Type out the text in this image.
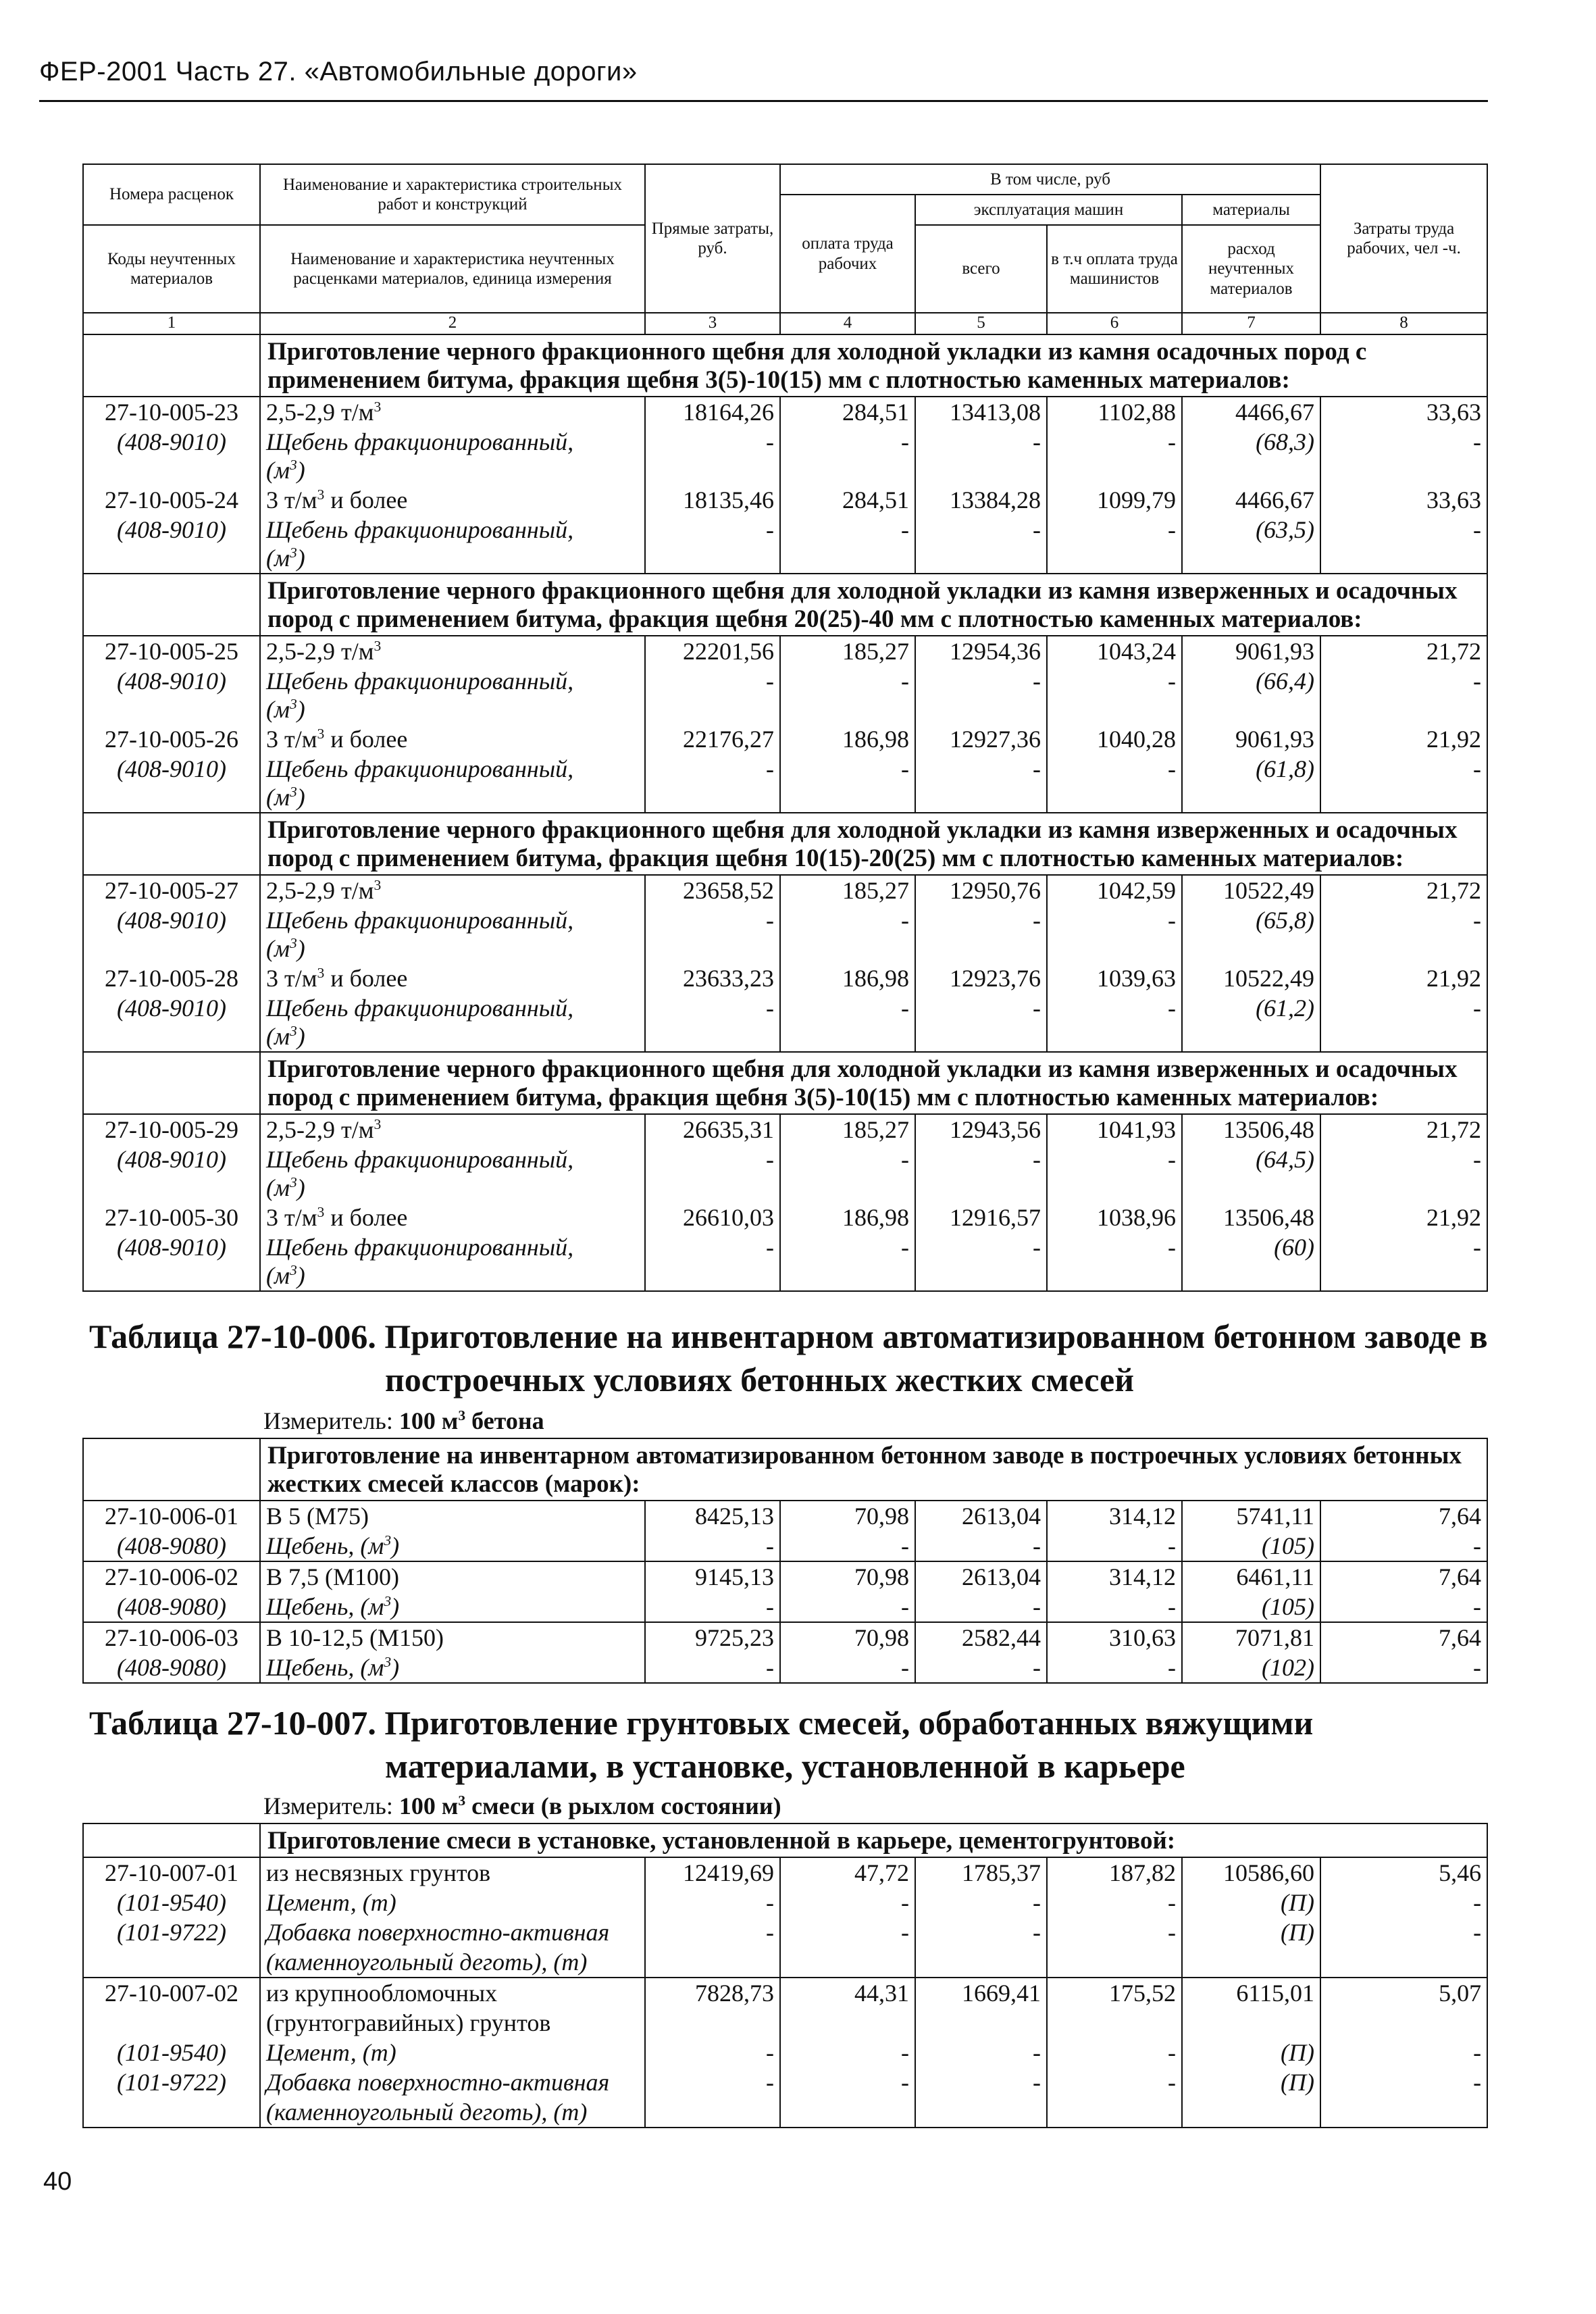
ФЕР-2001 Часть 27. «Автомобильные дороги»
Номера расценок	Наименование и характеристика строительных работ и конструкций	Прямые затраты, руб.	В том числе, руб				Затраты труда рабочих, чел -ч.
			оплата труда рабочих	эксплуатация машин		материалы	
Коды неучтенных материалов	Наименование и характеристика неучтенных расценками материалов, единица измерения			всего	в т.ч оплата труда машинистов	расход неучтенных материалов	

1	2	3	4	5	6	7	8
	Приготовление черного фракционного щебня для холодной укладки из камня осадочных пород с применением битума, фракция щебня 3(5)-10(15) мм с плотностью каменных материалов:						
27-10-005-23	2,5-2,9 $т/м^3$	18164,26	284,51	13413,08	1102,88	4466,67	33,63
(408-9010)	Щебень фракционированный,	-	-	-	-	(68,3)	-
	$(м^3)$						
27-10-005-24	3 $т/м^3$ и более	18135,46	284,51	13384,28	1099,79	4466,67	33,63
(408-9010)	Щебень фракционированный,	-	-	-	-	(63,5)	-
	$(м^3)$						
	Приготовление черного фракционного щебня для холодной укладки из камня изверженных и осадочных пород с применением битума, фракция щебня 20(25)-40 мм с плотностью каменных материалов:						
27-10-005-25	2,5-2,9 $т/м^3$	22201,56	185,27	12954,36	1043,24	9061,93	21,72
(408-9010)	Щебень фракционированный,	-	-	-	-	(66,4)	-
	$(м^3)$						
27-10-005-26	3 $т/м^3$ и более	22176,27	186,98	12927,36	1040,28	9061,93	21,92
(408-9010)	Щебень фракционированный,	-	-	-	-	(61,8)	-
	$(м^3)$						
	Приготовление черного фракционного щебня для холодной укладки из камня изверженных и осадочных пород с применением битума, фракция щебня 10(15)-20(25) мм с плотностью каменных материалов:						
27-10-005-27	2,5-2,9 $т/м^3$	23658,52	185,27	12950,76	1042,59	10522,49	21,72
(408-9010)	Щебень фракционированный,	-	-	-	-	(65,8)	-
	$(м^3)$						
27-10-005-28	3 $т/м^3$ и более	23633,23	186,98	12923,76	1039,63	10522,49	21,92
(408-9010)	Щебень фракционированный,	-	-	-	-	(61,2)	-
	$(м^3)$						
	Приготовление черного фракционного щебня для холодной укладки из камня изверженных и осадочных пород с применением битума, фракция щебня 3(5)-10(15) мм с плотностью каменных материалов:						
27-10-005-29	2,5-2,9 $т/м^3$	26635,31	185,27	12943,56	1041,93	13506,48	21,72
(408-9010)	Щебень фракционированный,	-	-	-	-	(64,5)	-
	$(м^3)$						
27-10-005-30	3 $т/м^3$ и более	26610,03	186,98	12916,57	1038,96	13506,48	21,92
(408-9010)	Щебень фракционированный,	-	-	-	-	(60)	-
	$(м^3)$						
Таблица 27-10-006. Приготовление на инвентарном автоматизированном бетонном заводе в
построечных условиях бетонных жестких смесей
Измеритель: 100 $м^3$ бетона
	Приготовление на инвентарном автоматизированном бетонном заводе в построечных условиях бетонных жестких смесей классов (марок):						
27-10-006-01	В 5 (М75)	8425,13	70,98	2613,04	314,12	5741,11	7,64
(408-9080)	Щебень, $(м^3)$	-	-	-	-	(105)	-
27-10-006-02	В 7,5 (М100)	9145,13	70,98	2613,04	314,12	6461,11	7,64
(408-9080)	Щебень, $(м^3)$	-	-	-	-	(105)	-
27-10-006-03	В 10-12,5 (М150)	9725,23	70,98	2582,44	310,63	7071,81	7,64
(408-9080)	Щебень, $(м^3)$	-	-	-	-	(102)	-
Таблица 27-10-007. Приготовление грунтовых смесей, обработанных вяжущими
материалами, в установке, установленной в карьере
Измеритель: 100 $м^3$ смеси (в рыхлом состоянии)
	Приготовление смеси в установке, установленной в карьере, цементогрунтовой:						
27-10-007-01	из несвязных грунтов	12419,69	47,72	1785,37	187,82	10586,60	5,46
(101-9540)	Цемент, (т)	-	-	-	-	(П)	-
(101-9722)	Добавка поверхностно-активная	-	-	-	-	(П)	-
	(каменноугольный деготь), (т)						
27-10-007-02	из крупнообломочных	7828,73	44,31	1669,41	175,52	6115,01	5,07
	(грунтогравийных) грунтов						
(101-9540)	Цемент, (т)	-	-	-	-	(П)	-
(101-9722)	Добавка поверхностно-активная	-	-	-	-	(П)	-
	(каменноугольный деготь), (т)						
40
